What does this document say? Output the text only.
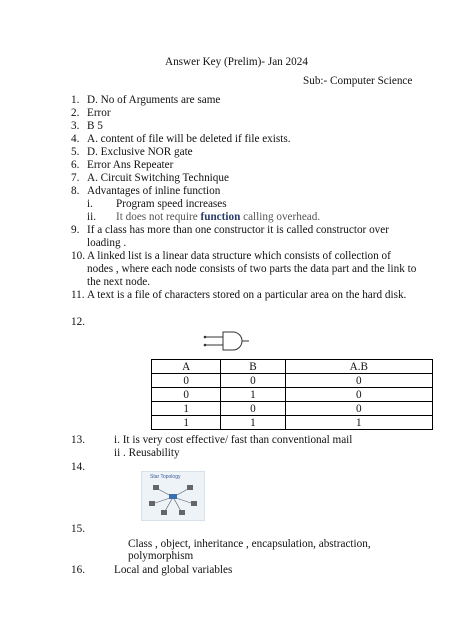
Answer Key (Prelim)- Jan 2024
Sub:- Computer Science
1. D. No of Arguments are same
2. Error
3. B 5
4. A. content of file will be deleted if file exists.
5. D. Exclusive NOR gate
6. Error Ans Repeater
7. A. Circuit Switching Technique
8. Advantages of inline function
i. Program speed increases
ii. It does not require function calling overhead.
9. If a class has more than one constructor it is called constructor over
loading .
10. A linked list is a linear data structure which consists of collection of
nodes , where each node consists of two parts the data part and the link to
the next node.
11. A text is a file of characters stored on a particular area on the hard disk.
12.
A	B	A.B
0	0	0
0	1	0
1	0	0
1	1	1
13.	i. It is very cost effective/ fast than conventional mail
ii . Reusability
14.
Star Topology
15.
Class , object, inheritance , encapsulation, abstraction,
polymorphism
16.	Local and global variables
